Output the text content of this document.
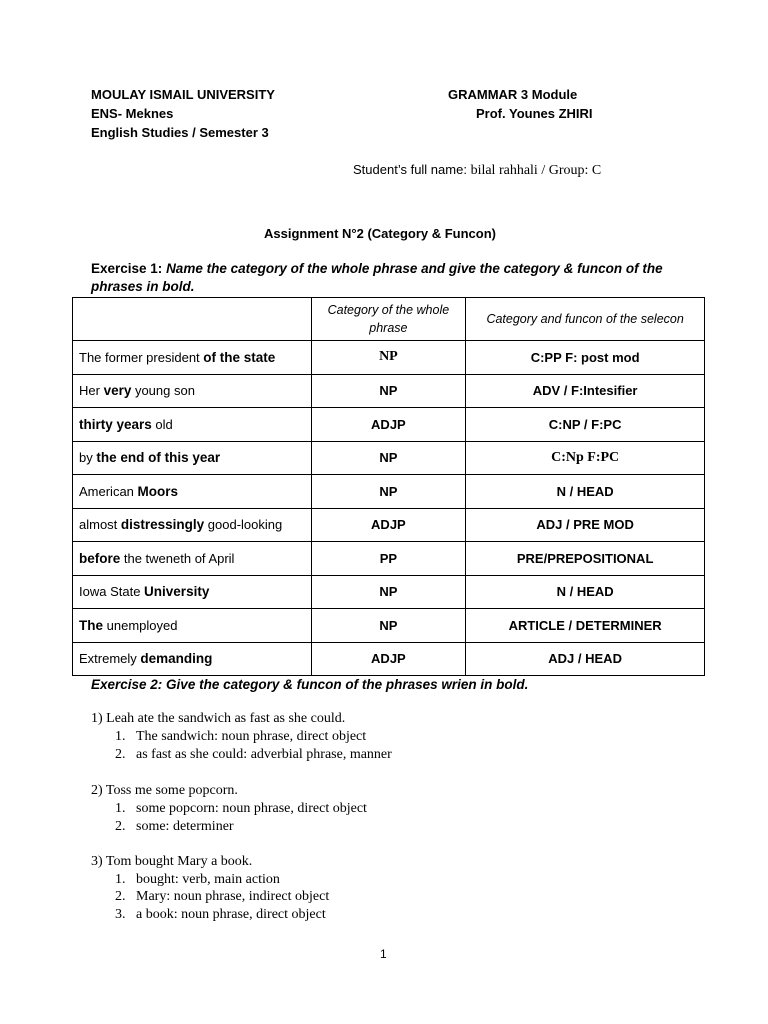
MOULAY ISMAIL UNIVERSITY
ENS- Meknes
English Studies / Semester 3
GRAMMAR 3 Module
Prof. Younes ZHIRI
Student’s full name: bilal rahhali / Group: C
Assignment N°2 (Category & Funcon)
Exercise 1: Name the category of the whole phrase and give the category & funcon of the
phrases in bold.
	Category of the whole phrase	Category and funcon of the selecon
The former president of the state	NP	C:PP F: post mod
Her very young son	NP	ADV / F:Intesifier
thirty years old	ADJP	C:NP / F:PC
by the end of this year	NP	C:Np F:PC
American Moors	NP	N / HEAD
almost distressingly good-looking	ADJP	ADJ / PRE MOD
before the tweneth of April	PP	PRE/PREPOSITIONAL
Iowa State University	NP	N / HEAD
The unemployed	NP	ARTICLE / DETERMINER
Extremely demanding	ADJP	ADJ / HEAD
Exercise 2: Give the category & funcon of the phrases wrien in bold.
1) Leah ate the sandwich as fast as she could.
1.   The sandwich: noun phrase, direct object
2.   as fast as she could: adverbial phrase, manner
2) Toss me some popcorn.
1.   some popcorn: noun phrase, direct object
2.   some: determiner
3) Tom bought Mary a book.
1.   bought: verb, main action
2.   Mary: noun phrase, indirect object
3.   a book: noun phrase, direct object
1
